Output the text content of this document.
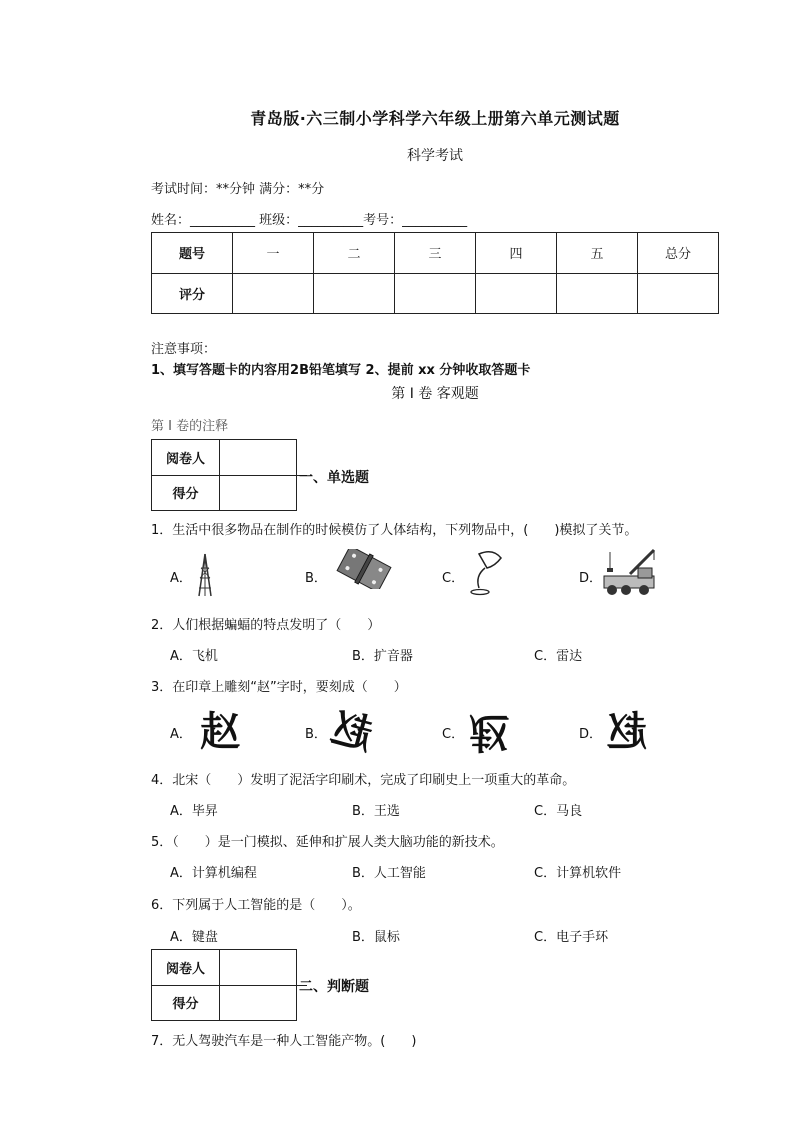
青岛版·六三制小学科学六年级上册第六单元测试题
科学考试
考试时间：**分钟 满分：**分
姓名：__________ 班级：__________考号：__________
题号	一	二	三	四	五	总分
评分						
注意事项：
1、填写答题卡的内容用2B铅笔填写 2、提前 xx 分钟收取答题卡
第 I 卷 客观题
第 I 卷的注释
阅卷人	
得分	
一、单选题
1．生活中很多物品在制作的时候模仿了人体结构，下列物品中，(　　)模拟了关节。
A．	B．	C．	D．
2．人们根据蝙蝠的特点发明了（　　）
A．飞机	B．扩音器	C．雷达
3．在印章上雕刻“赵”字时，要刻成（　　）
A． 赵	B． 赵	C． 赵	D． 赵
4．北宋（　　）发明了泥活字印刷术，完成了印刷史上一项重大的革命。
A．毕昇	B．王选	C．马良
5．（　　）是一门模拟、延伸和扩展人类大脑功能的新技术。
A．计算机编程	B．人工智能	C．计算机软件
6．下列属于人工智能的是（　　）。
A．键盘	B．鼠标	C．电子手环
阅卷人	
得分	
二、判断题
7．无人驾驶汽车是一种人工智能产物。(　　)
